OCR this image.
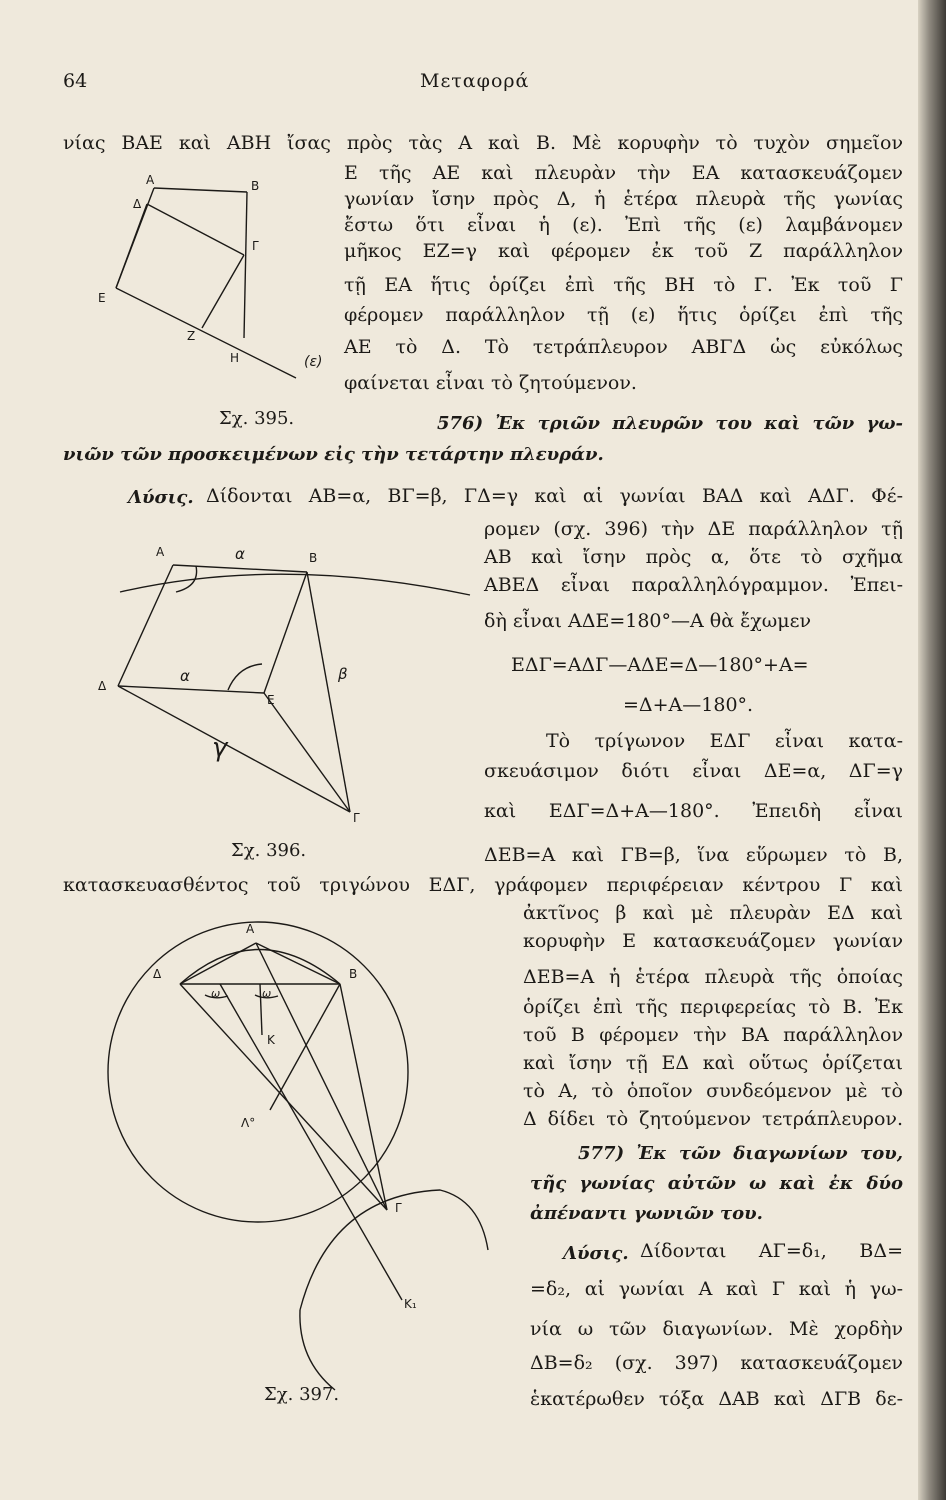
64	Μεταφορά
νίας ΒΑΕ καὶ ΑΒΗ ἴσας πρὸς τὰς Α καὶ Β. Μὲ κορυφὴν τὸ τυχὸν σημεῖον
Ε τῆς ΑΕ καὶ πλευρὰν τὴν ΕΑ κατασκευάζομεν
γωνίαν ἴσην πρὸς Δ, ἡ ἑτέρα πλευρὰ τῆς γωνίας
ἔστω ὅτι εἶναι ἡ (ε). Ἐπὶ τῆς (ε) λαμβάνομεν
μῆκος ΕΖ=γ καὶ φέρομεν ἐκ τοῦ Ζ παράλληλον
τῇ ΕΑ ἥτις ὁρίζει ἐπὶ τῆς ΒΗ τὸ Γ. Ἐκ τοῦ Γ
φέρομεν παράλληλον τῇ (ε) ἥτις ὁρίζει ἐπὶ τῆς
ΑΕ τὸ Δ. Τὸ τετράπλευρον ΑΒΓΔ ὡς εὐκόλως
φαίνεται εἶναι τὸ ζητούμενον.
576) Ἐκ τριῶν πλευρῶν του καὶ τῶν γω-
νιῶν τῶν προσκειμένων εἰς τὴν τετάρτην πλευράν.
Λύσις. Δίδονται ΑΒ=α, ΒΓ=β, ΓΔ=γ καὶ αἱ γωνίαι ΒΑΔ καὶ ΑΔΓ. Φέ-
ρομεν (σχ. 396) τὴν ΔΕ παράλληλον τῇ
ΑΒ καὶ ἴσην πρὸς α, ὅτε τὸ σχῆμα
ΑΒΕΔ εἶναι παραλληλόγραμμον. Ἐπει-
δὴ εἶναι ΑΔΕ=180°—Α θὰ ἔχωμεν
ΕΔΓ=ΑΔΓ—ΑΔΕ=Δ—180°+Α=
=Δ+Α—180°.
Τὸ τρίγωνον ΕΔΓ εἶναι κατα-
σκευάσιμον διότι εἶναι ΔΕ=α, ΔΓ=γ
καὶ ΕΔΓ=Δ+Α—180°. Ἐπειδὴ εἶναι
ΔΕΒ=Α καὶ ΓΒ=β, ἵνα εὕρωμεν τὸ Β,
κατασκευασθέντος τοῦ τριγώνου ΕΔΓ, γράφομεν περιφέρειαν κέντρου Γ καὶ
ἀκτῖνος β καὶ μὲ πλευρὰν ΕΔ καὶ
κορυφὴν Ε κατασκευάζομεν γωνίαν
ΔΕΒ=Α ἡ ἑτέρα πλευρὰ τῆς ὁποίας
ὁρίζει ἐπὶ τῆς περιφερείας τὸ Β. Ἐκ
τοῦ Β φέρομεν τὴν ΒΑ παράλληλον
καὶ ἴσην τῇ ΕΔ καὶ οὕτως ὁρίζεται
τὸ Α, τὸ ὁποῖον συνδεόμενον μὲ τὸ
Δ δίδει τὸ ζητούμενον τετράπλευρον.
577) Ἐκ τῶν διαγωνίων του,
τῆς γωνίας αὐτῶν ω καὶ ἐκ δύο
ἀπέναντι γωνιῶν του.
Λύσις. Δίδονται ΑΓ=δ₁, ΒΔ=
=δ₂, αἱ γωνίαι Α καὶ Γ καὶ ἡ γω-
νία ω τῶν διαγωνίων. Μὲ χορδὴν
ΔΒ=δ₂ (σχ. 397) κατασκευάζομεν
ἑκατέρωθεν τόξα ΔΑΒ καὶ ΔΓΒ δε-
Σχ. 395.
Σχ. 396.
Σχ. 397.
A	B
Δ
Γ
E
Z
H	(ε)
A	α	B
Δ
α
E
β
γ
Γ
A
Δ	B
ω	ω
K
Λ°
Γ
K₁
